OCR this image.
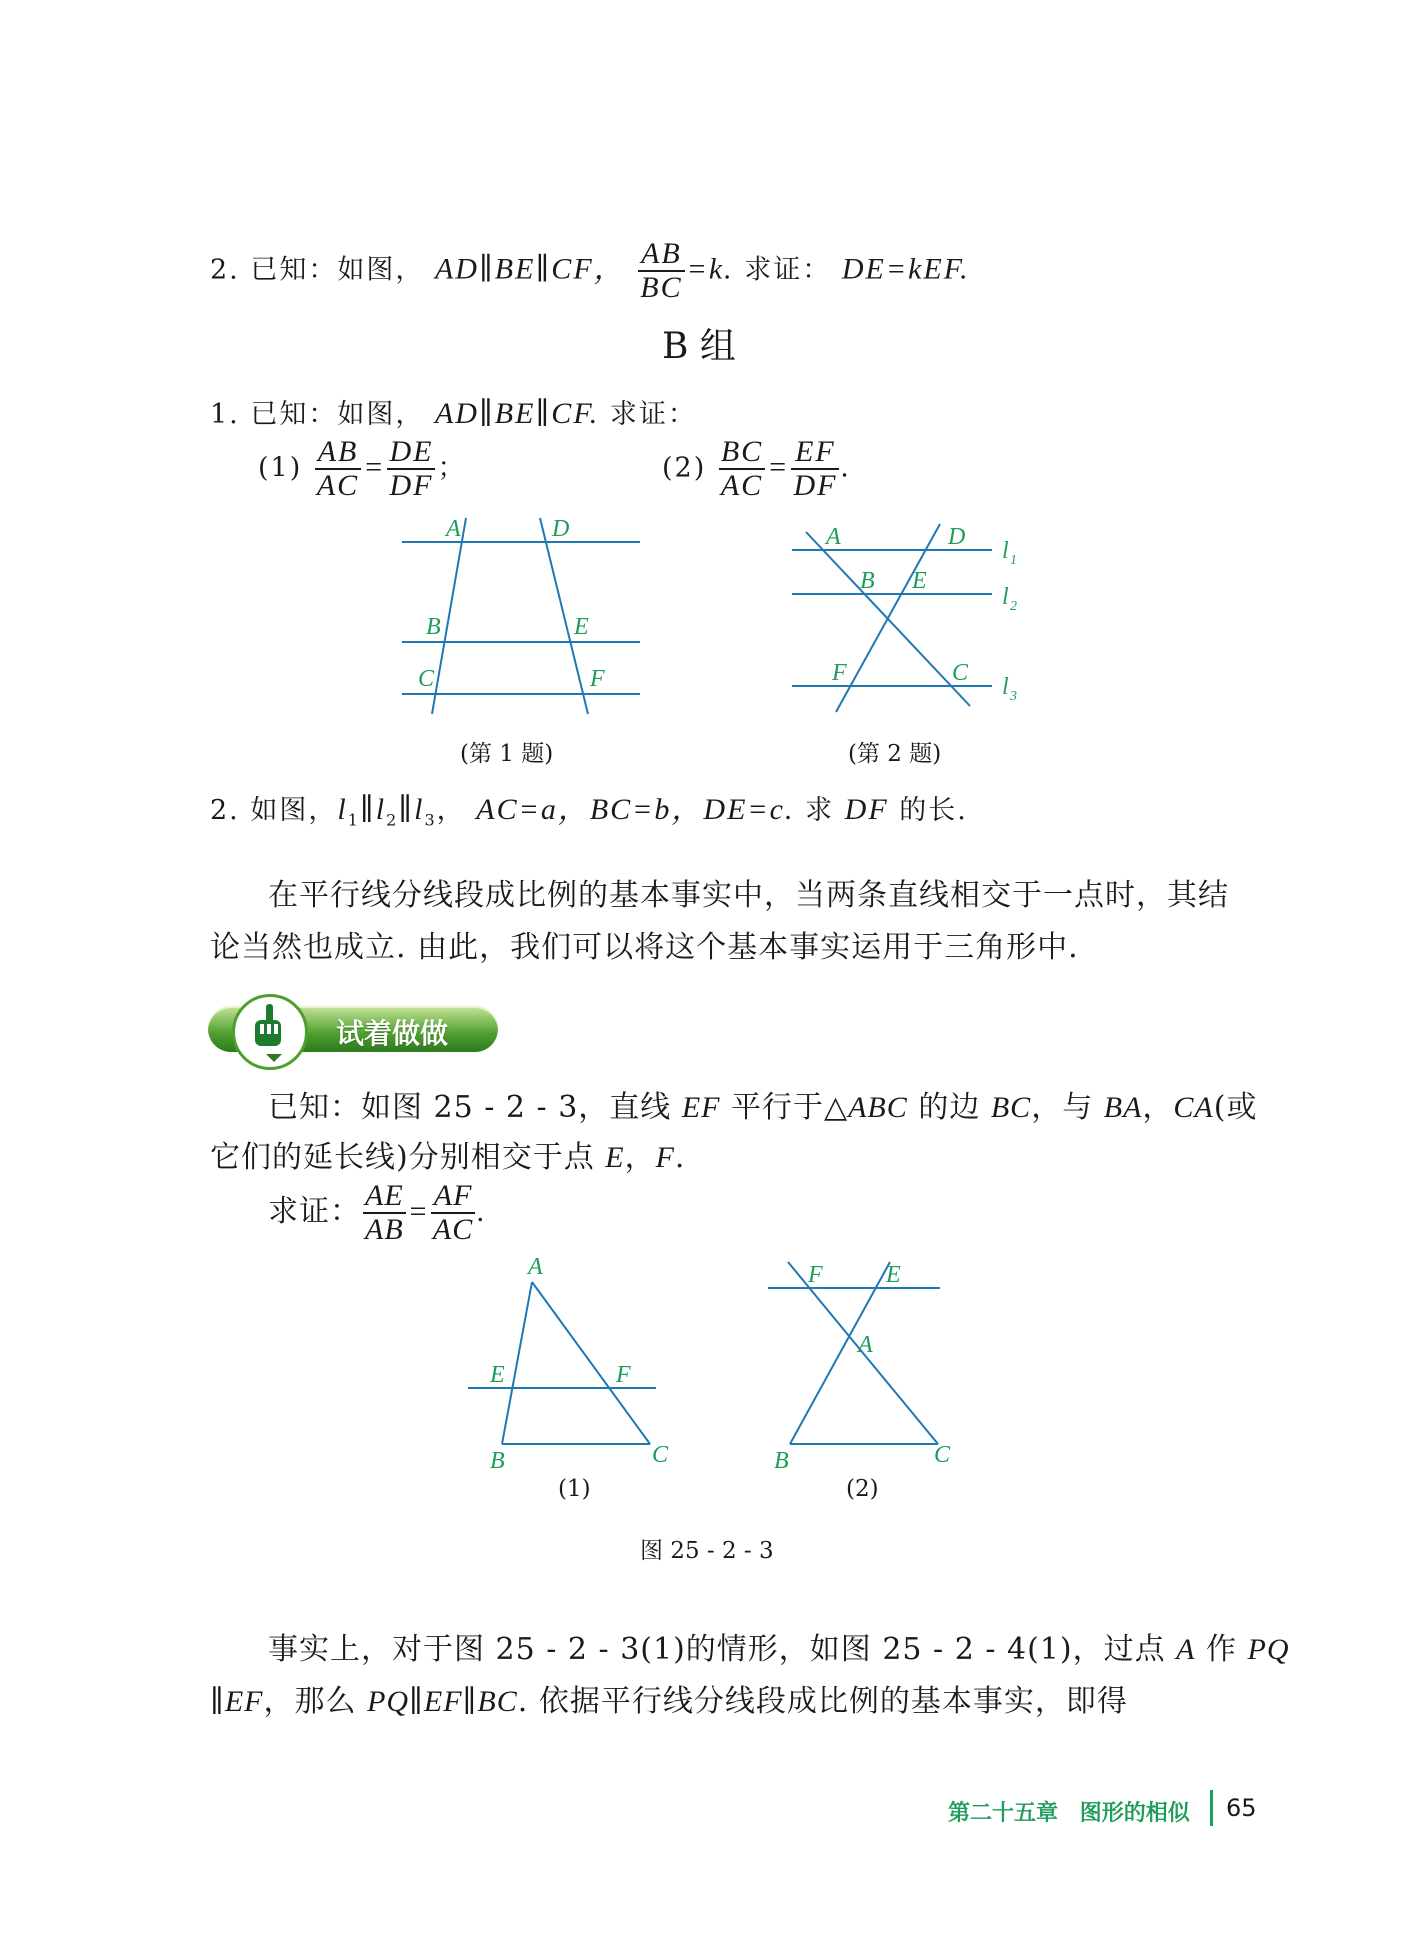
2. 已知：如图， AD∥BE∥CF， $\frac{AB}{BC} =k$. 求证： DE=kEF.
B 组
1. 已知：如图， AD∥BE∥CF. 求证：
$(1) \frac{AB}{AC} = \frac{DE}{DF}$ ；	$(2) \frac{BC}{AC} = \frac{EF}{DF}$ .
A	D
B	E
C	F
(第 1 题)
A	D
B E
F	C
l 1
l 2
l 3
(第 2 题)
2. 如图，$l_1\parallel l_2\parallel l_3$， AC=a，BC=b，DE=c. 求 DF 的长.
在平行线分线段成比例的基本事实中，当两条直线相交于一点时，其结
论当然也成立. 由此，我们可以将这个基本事实运用于三角形中.
试着做做
已知：如图 25 - 2 - 3，直线 EF 平行于△ABC 的边 BC，与 BA，CA(或
它们的延长线)分别相交于点 E，F.
求证： $\frac{AE}{AB} = \frac{AF}{AC}$ .
A
E	F
B	C
(1)
F	E
A
B	C
(2)
图 25 - 2 - 3
事实上，对于图 25 - 2 - 3(1)的情形，如图 25 - 2 - 4(1)，过点 A 作 PQ
∥EF，那么 PQ∥EF∥BC. 依据平行线分线段成比例的基本事实，即得
第二十五章 图形的相似 65
